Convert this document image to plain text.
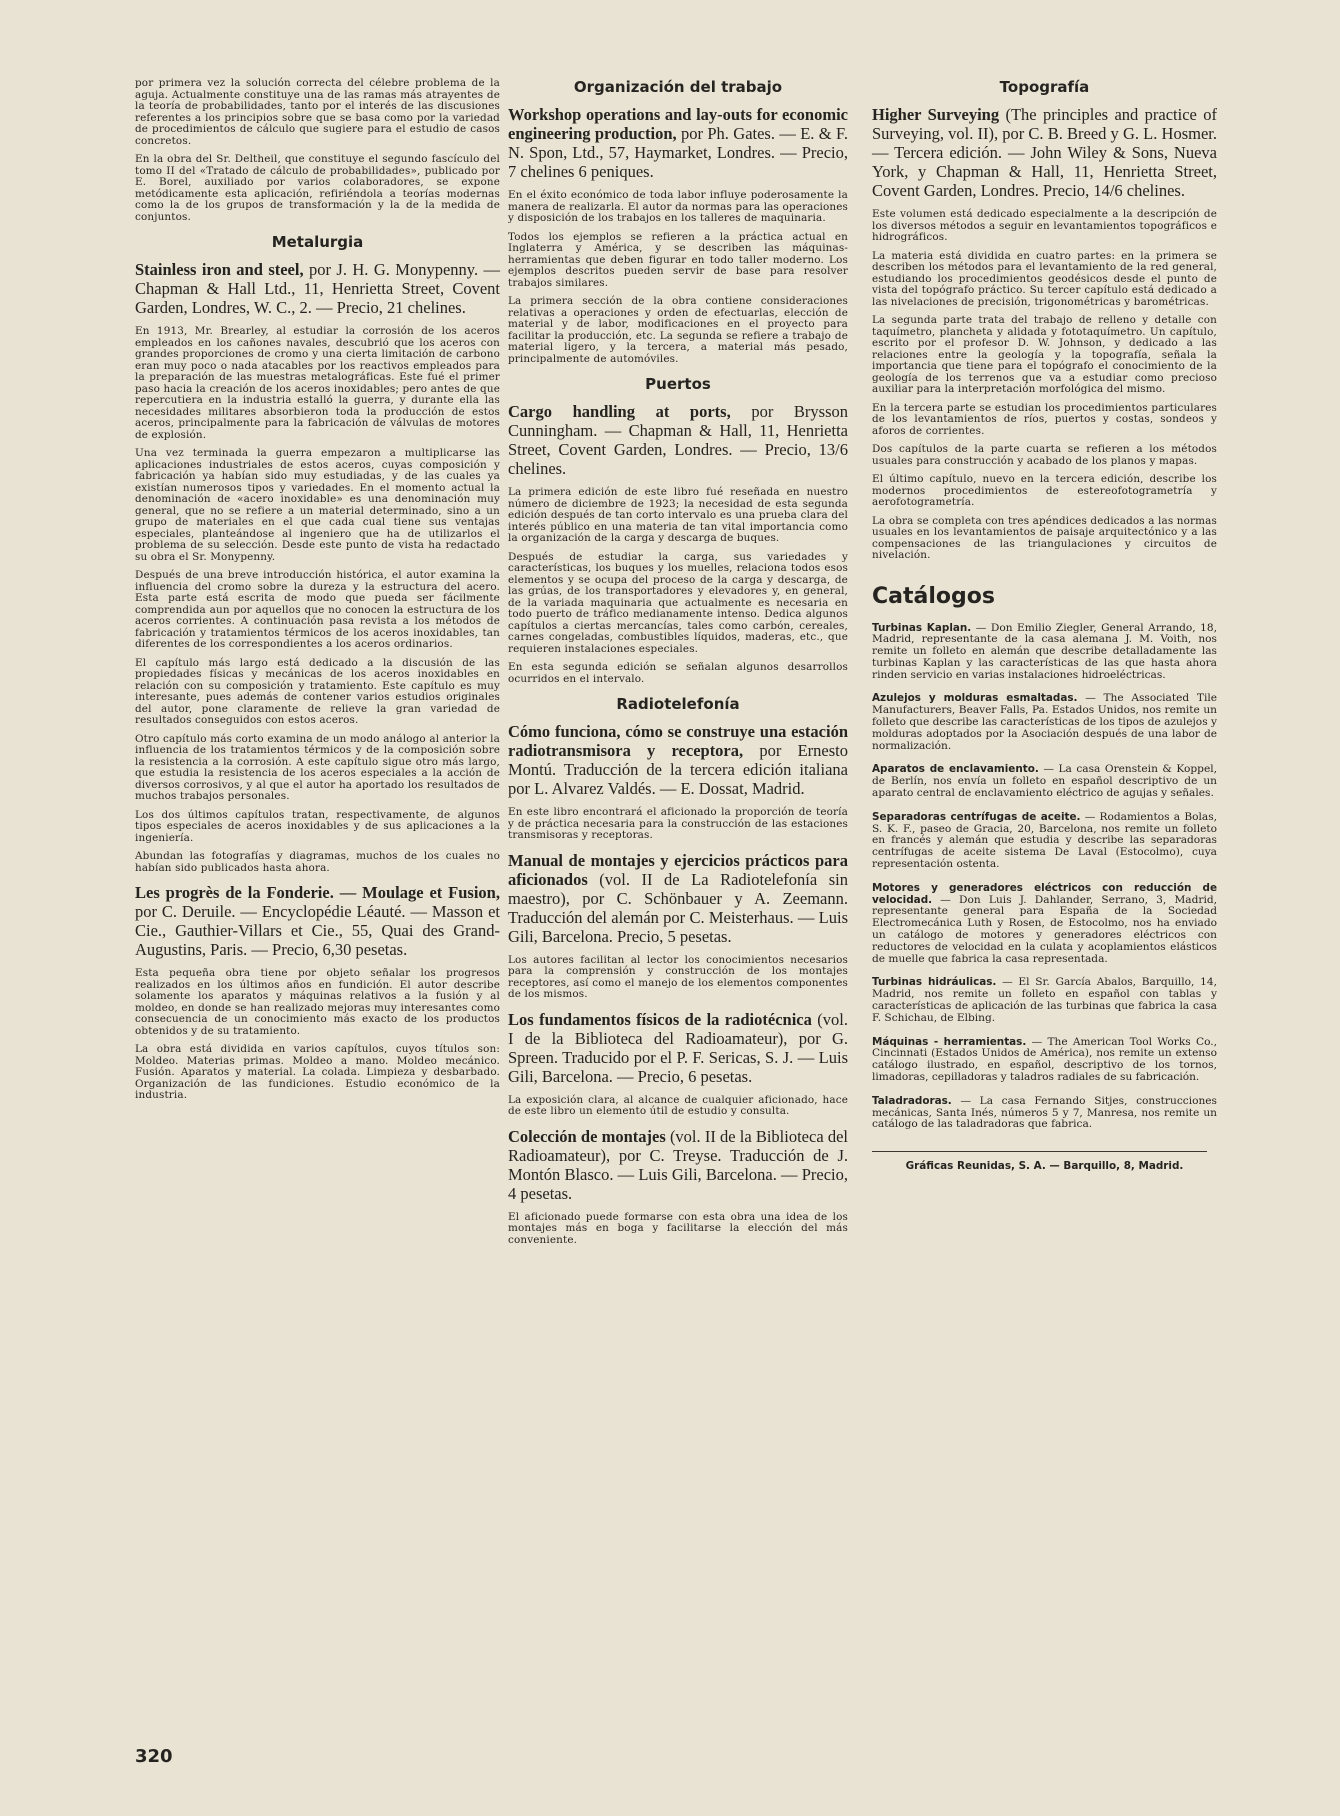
por primera vez la solución correcta del célebre problema de la aguja. Actualmente constituye una de las ramas más atrayentes de la teoría de probabilidades, tanto por el interés de las discusiones referentes a los principios sobre que se basa como por la variedad de procedimientos de cálculo que sugiere para el estudio de casos concretos.

En la obra del Sr. Deltheil, que constituye el segundo fascículo del tomo II del «Tratado de cálculo de probabilidades», publicado por E. Borel, auxiliado por varios colaboradores, se expone metódicamente esta aplicación, refiriéndola a teorías modernas como la de los grupos de transformación y la de la medida de conjuntos.

Metalurgia

Stainless iron and steel, por J. H. G. Monypenny. — Chapman & Hall Ltd., 11, Henrietta Street, Covent Garden, Londres, W. C., 2. — Precio, 21 chelines.

En 1913, Mr. Brearley, al estudiar la corrosión de los aceros empleados en los cañones navales, descubrió que los aceros con grandes proporciones de cromo y una cierta limitación de carbono eran muy poco o nada atacables por los reactivos empleados para la preparación de las muestras metalográficas. Este fué el primer paso hacia la creación de los aceros inoxidables; pero antes de que repercutiera en la industria estalló la guerra, y durante ella las necesidades militares absorbieron toda la producción de estos aceros, principalmente para la fabricación de válvulas de motores de explosión.

Una vez terminada la guerra empezaron a multiplicarse las aplicaciones industriales de estos aceros, cuyas composición y fabricación ya habían sido muy estudiadas, y de las cuales ya existían numerosos tipos y variedades. En el momento actual la denominación de «acero inoxidable» es una denominación muy general, que no se refiere a un material determinado, sino a un grupo de materiales en el que cada cual tiene sus ventajas especiales, planteándose al ingeniero que ha de utilizarlos el problema de su selección. Desde este punto de vista ha redactado su obra el Sr. Monypenny.

Después de una breve introducción histórica, el autor examina la influencia del cromo sobre la dureza y la estructura del acero. Esta parte está escrita de modo que pueda ser fácilmente comprendida aun por aquellos que no conocen la estructura de los aceros corrientes. A continuación pasa revista a los métodos de fabricación y tratamientos térmicos de los aceros inoxidables, tan diferentes de los correspondientes a los aceros ordinarios.

El capítulo más largo está dedicado a la discusión de las propiedades físicas y mecánicas de los aceros inoxidables en relación con su composición y tratamiento. Este capítulo es muy interesante, pues además de contener varios estudios originales del autor, pone claramente de relieve la gran variedad de resultados conseguidos con estos aceros.

Otro capítulo más corto examina de un modo análogo al anterior la influencia de los tratamientos térmicos y de la composición sobre la resistencia a la corrosión. A este capítulo sigue otro más largo, que estudia la resistencia de los aceros especiales a la acción de diversos corrosivos, y al que el autor ha aportado los resultados de muchos trabajos personales.

Los dos últimos capítulos tratan, respectivamente, de algunos tipos especiales de aceros inoxidables y de sus aplicaciones a la ingeniería.

Abundan las fotografías y diagramas, muchos de los cuales no habían sido publicados hasta ahora.

Les progrès de la Fonderie. — Moulage et Fusion, por C. Deruile. — Encyclopédie Léauté. — Masson et Cie., Gauthier-Villars et Cie., 55, Quai des Grand-Augustins, Paris. — Precio, 6,30 pesetas.

Esta pequeña obra tiene por objeto señalar los progresos realizados en los últimos años en fundición. El autor describe solamente los aparatos y máquinas relativos a la fusión y al moldeo, en donde se han realizado mejoras muy interesantes como consecuencia de un conocimiento más exacto de los productos obtenidos y de su tratamiento.

La obra está dividida en varios capítulos, cuyos títulos son: Moldeo. Materias primas. Moldeo a mano. Moldeo mecánico. Fusión. Aparatos y material. La colada. Limpieza y desbarbado. Organización de las fundiciones. Estudio económico de la industria.

Organización del trabajo

Workshop operations and lay-outs for economic engineering production, por Ph. Gates. — E. & F. N. Spon, Ltd., 57, Haymarket, Londres. — Precio, 7 chelines 6 peniques.

En el éxito económico de toda labor influye poderosamente la manera de realizarla. El autor da normas para las operaciones y disposición de los trabajos en los talleres de maquinaria.

Todos los ejemplos se refieren a la práctica actual en Inglaterra y América, y se describen las máquinas-herramientas que deben figurar en todo taller moderno. Los ejemplos descritos pueden servir de base para resolver trabajos similares.

La primera sección de la obra contiene consideraciones relativas a operaciones y orden de efectuarlas, elección de material y de labor, modificaciones en el proyecto para facilitar la producción, etc. La segunda se refiere a trabajo de material ligero, y la tercera, a material más pesado, principalmente de automóviles.

Puertos

Cargo handling at ports, por Brysson Cunningham. — Chapman & Hall, 11, Henrietta Street, Covent Garden, Londres. — Precio, 13/6 chelines.

La primera edición de este libro fué reseñada en nuestro número de diciembre de 1923; la necesidad de esta segunda edición después de tan corto intervalo es una prueba clara del interés público en una materia de tan vital importancia como la organización de la carga y descarga de buques.

Después de estudiar la carga, sus variedades y características, los buques y los muelles, relaciona todos esos elementos y se ocupa del proceso de la carga y descarga, de las grúas, de los transportadores y elevadores y, en general, de la variada maquinaria que actualmente es necesaria en todo puerto de tráfico medianamente intenso. Dedica algunos capítulos a ciertas mercancías, tales como carbón, cereales, carnes congeladas, combustibles líquidos, maderas, etc., que requieren instalaciones especiales.

En esta segunda edición se señalan algunos desarrollos ocurridos en el intervalo.

Radiotelefonía

Cómo funciona, cómo se construye una estación radiotransmisora y receptora, por Ernesto Montú. Traducción de la tercera edición italiana por L. Alvarez Valdés. — E. Dossat, Madrid.

En este libro encontrará el aficionado la proporción de teoría y de práctica necesaria para la construcción de las estaciones transmisoras y receptoras.

Manual de montajes y ejercicios prácticos para aficionados (vol. II de La Radiotelefonía sin maestro), por C. Schönbauer y A. Zeemann. Traducción del alemán por C. Meisterhaus. — Luis Gili, Barcelona. Precio, 5 pesetas.

Los autores facilitan al lector los conocimientos necesarios para la comprensión y construcción de los montajes receptores, así como el manejo de los elementos componentes de los mismos.

Los fundamentos físicos de la radiotécnica (vol. I de la Biblioteca del Radioamateur), por G. Spreen. Traducido por el P. F. Sericas, S. J. — Luis Gili, Barcelona. — Precio, 6 pesetas.

La exposición clara, al alcance de cualquier aficionado, hace de este libro un elemento útil de estudio y consulta.

Colección de montajes (vol. II de la Biblioteca del Radioamateur), por C. Treyse. Traducción de J. Montón Blasco. — Luis Gili, Barcelona. — Precio, 4 pesetas.

El aficionado puede formarse con esta obra una idea de los montajes más en boga y facilitarse la elección del más conveniente.

Topografía

Higher Surveying (The principles and practice of Surveying, vol. II), por C. B. Breed y G. L. Hosmer. — Tercera edición. — John Wiley & Sons, Nueva York, y Chapman & Hall, 11, Henrietta Street, Covent Garden, Londres. Precio, 14/6 chelines.

Este volumen está dedicado especialmente a la descripción de los diversos métodos a seguir en levantamientos topográficos e hidrográficos.

La materia está dividida en cuatro partes: en la primera se describen los métodos para el levantamiento de la red general, estudiando los procedimientos geodésicos desde el punto de vista del topógrafo práctico. Su tercer capítulo está dedicado a las nivelaciones de precisión, trigonométricas y barométricas.

La segunda parte trata del trabajo de relleno y detalle con taquímetro, plancheta y alidada y fototaquímetro. Un capítulo, escrito por el profesor D. W. Johnson, y dedicado a las relaciones entre la geología y la topografía, señala la importancia que tiene para el topógrafo el conocimiento de la geología de los terrenos que va a estudiar como precioso auxiliar para la interpretación morfológica del mismo.

En la tercera parte se estudian los procedimientos particulares de los levantamientos de ríos, puertos y costas, sondeos y aforos de corrientes.

Dos capítulos de la parte cuarta se refieren a los métodos usuales para construcción y acabado de los planos y mapas.

El último capítulo, nuevo en la tercera edición, describe los modernos procedimientos de estereofotogrametría y aerofotogrametría.

La obra se completa con tres apéndices dedicados a las normas usuales en los levantamientos de paisaje arquitectónico y a las compensaciones de las triangulaciones y circuitos de nivelación.

Catálogos

Turbinas Kaplan. — Don Emilio Ziegler, General Arrando, 18, Madrid, representante de la casa alemana J. M. Voith, nos remite un folleto en alemán que describe detalladamente las turbinas Kaplan y las características de las que hasta ahora rinden servicio en varias instalaciones hidroeléctricas.

Azulejos y molduras esmaltadas. — The Associated Tile Manufacturers, Beaver Falls, Pa. Estados Unidos, nos remite un folleto que describe las características de los tipos de azulejos y molduras adoptados por la Asociación después de una labor de normalización.

Aparatos de enclavamiento. — La casa Orenstein & Koppel, de Berlín, nos envía un folleto en español descriptivo de un aparato central de enclavamiento eléctrico de agujas y señales.

Separadoras centrífugas de aceite. — Rodamientos a Bolas, S. K. F., paseo de Gracia, 20, Barcelona, nos remite un folleto en francés y alemán que estudia y describe las separadoras centrífugas de aceite sistema De Laval (Estocolmo), cuya representación ostenta.

Motores y generadores eléctricos con reducción de velocidad. — Don Luis J. Dahlander, Serrano, 3, Madrid, representante general para España de la Sociedad Electromecánica Luth y Rosen, de Estocolmo, nos ha enviado un catálogo de motores y generadores eléctricos con reductores de velocidad en la culata y acoplamientos elásticos de muelle que fabrica la casa representada.

Turbinas hidráulicas. — El Sr. García Abalos, Barquillo, 14, Madrid, nos remite un folleto en español con tablas y características de aplicación de las turbinas que fabrica la casa F. Schichau, de Elbing.

Máquinas - herramientas. — The American Tool Works Co., Cincinnati (Estados Unidos de América), nos remite un extenso catálogo ilustrado, en español, descriptivo de los tornos, limadoras, cepilladoras y taladros radiales de su fabricación.

Taladradoras. — La casa Fernando Sitjes, construcciones mecánicas, Santa Inés, números 5 y 7, Manresa, nos remite un catálogo de las taladradoras que fabrica.

Gráficas Reunidas, S. A. — Barquillo, 8, Madrid.
320
